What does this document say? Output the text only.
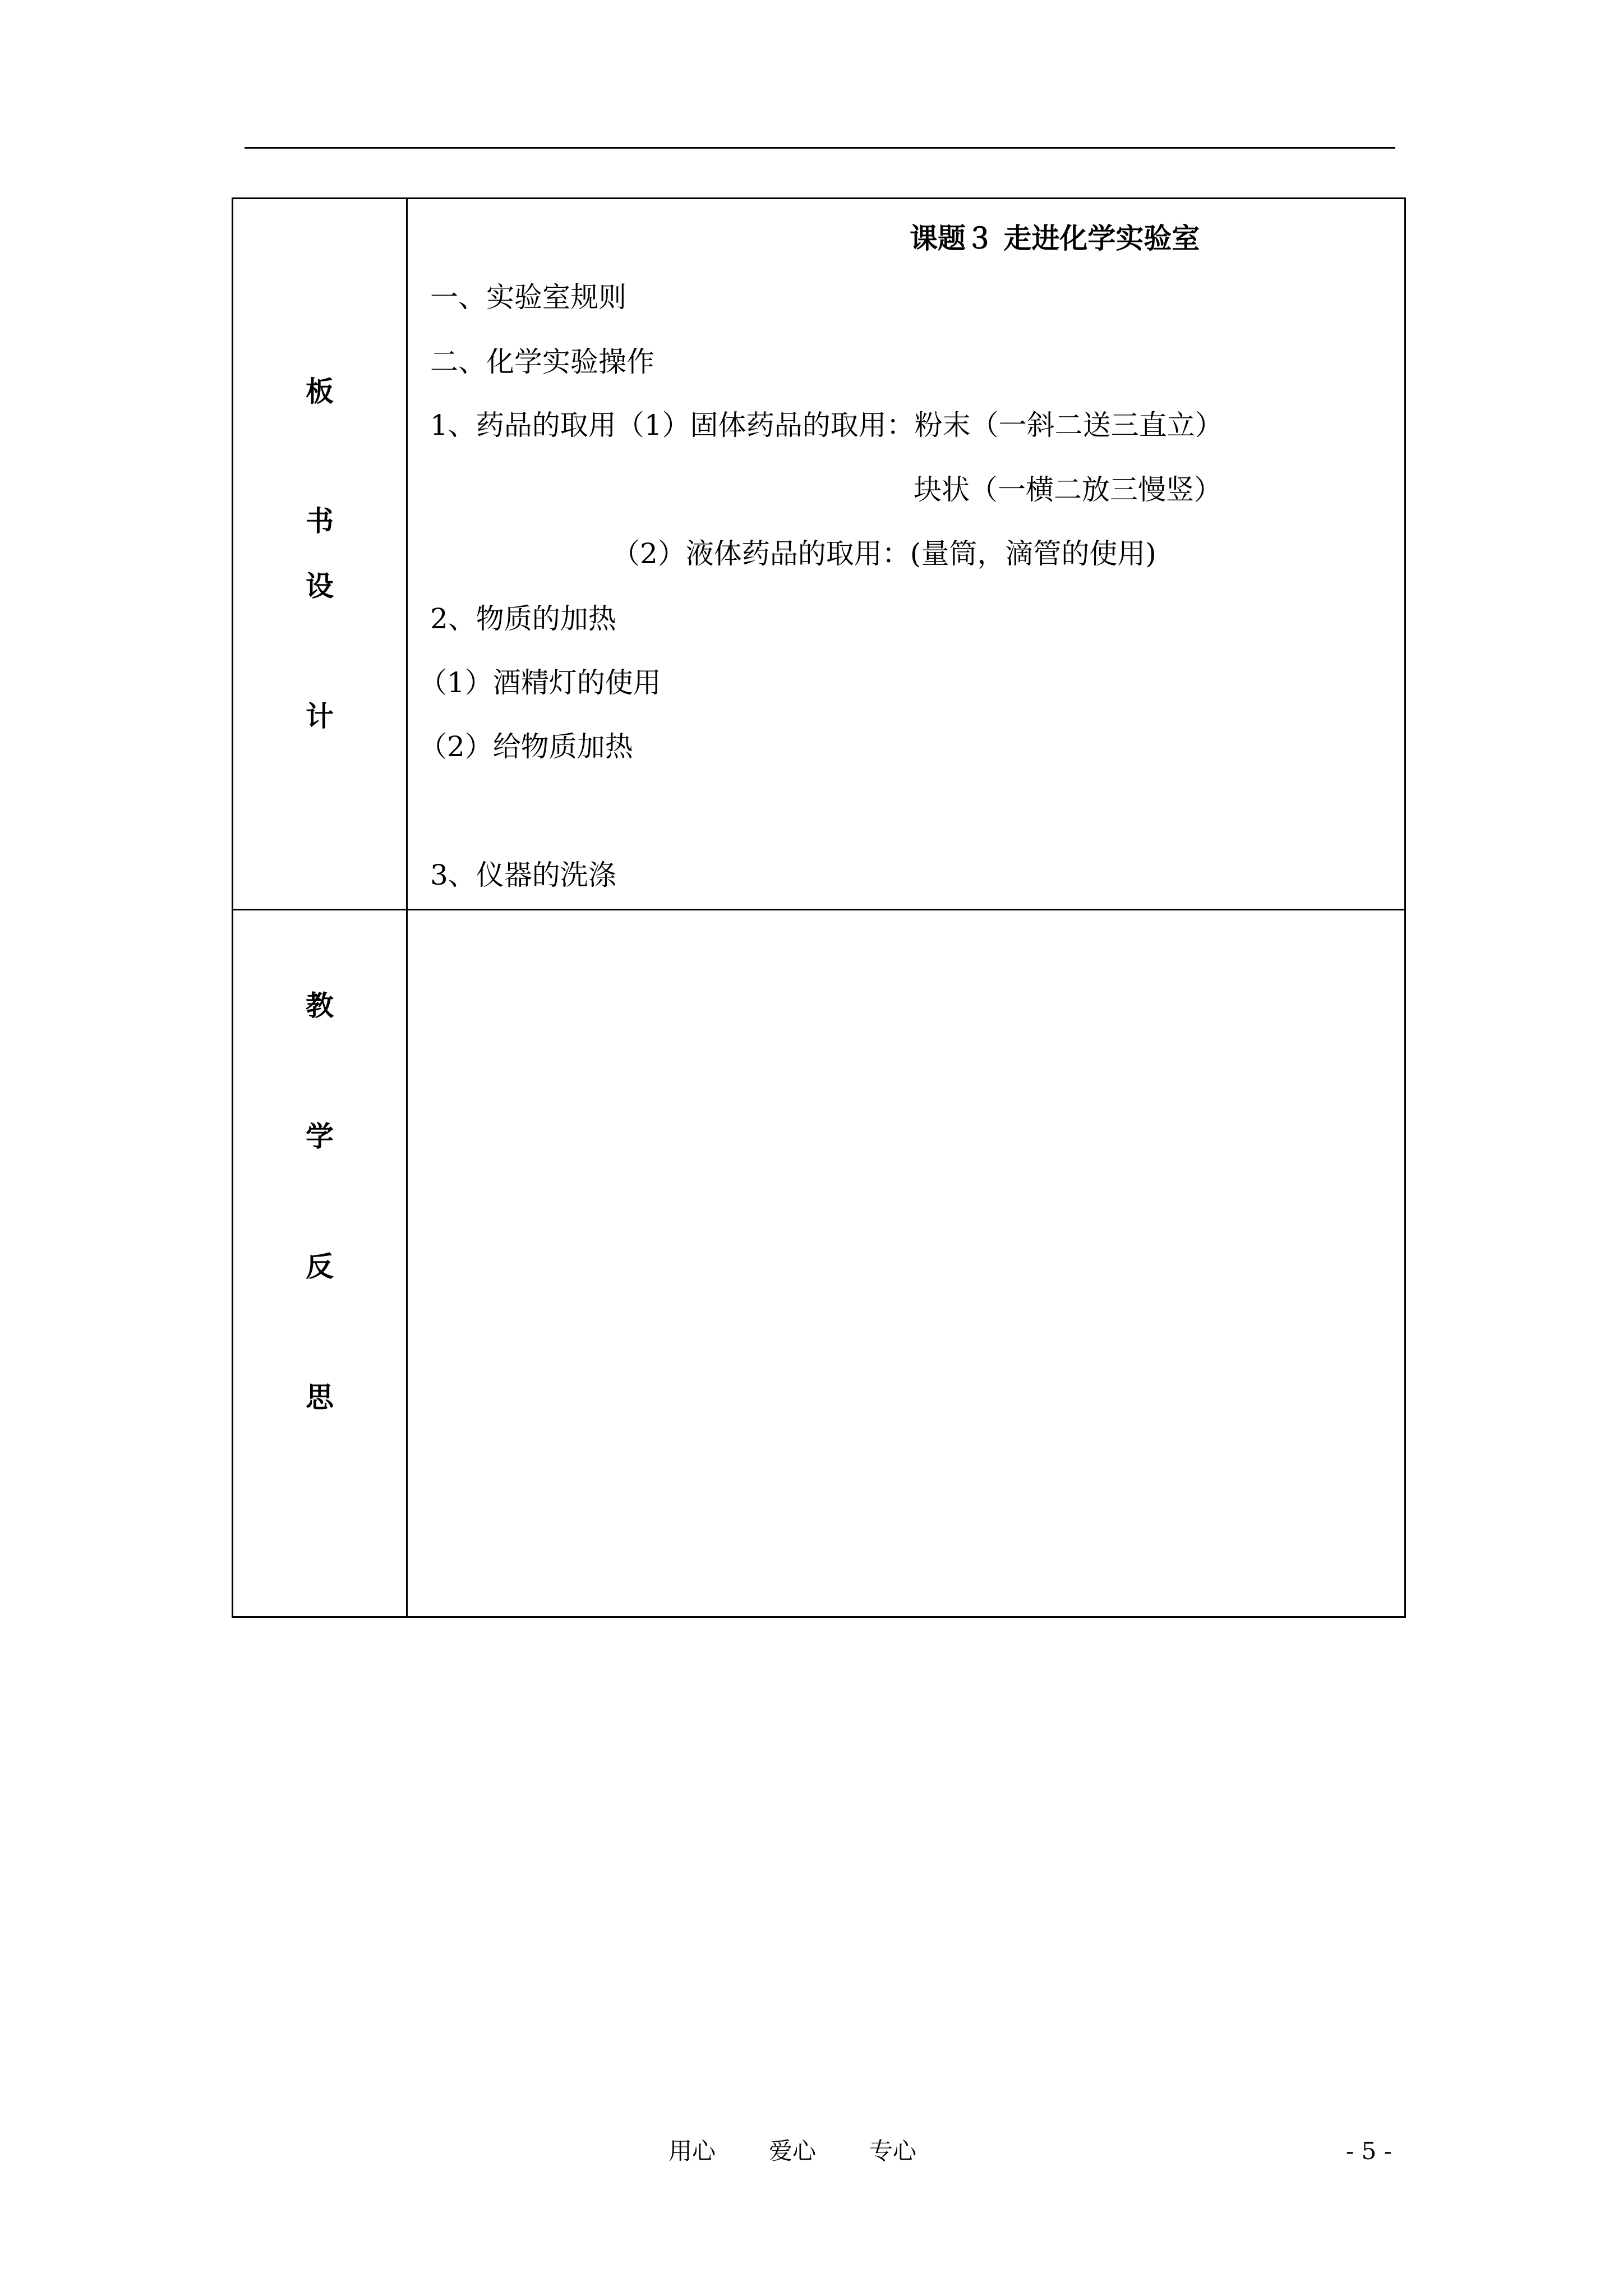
板
书
设
计
课题３ 走进化学实验室
一、实验室规则
二、化学实验操作
1、药品的取用（1）固体药品的取用：粉末（一斜二送三直立）
块状（一横二放三慢竖）
（2）液体药品的取用：(量筒，滴管的使用)
2、物质的加热
（1）酒精灯的使用
（2）给物质加热
3、仪器的洗涤
教
学
反
思
用心 爱心 专心	- 5 -
